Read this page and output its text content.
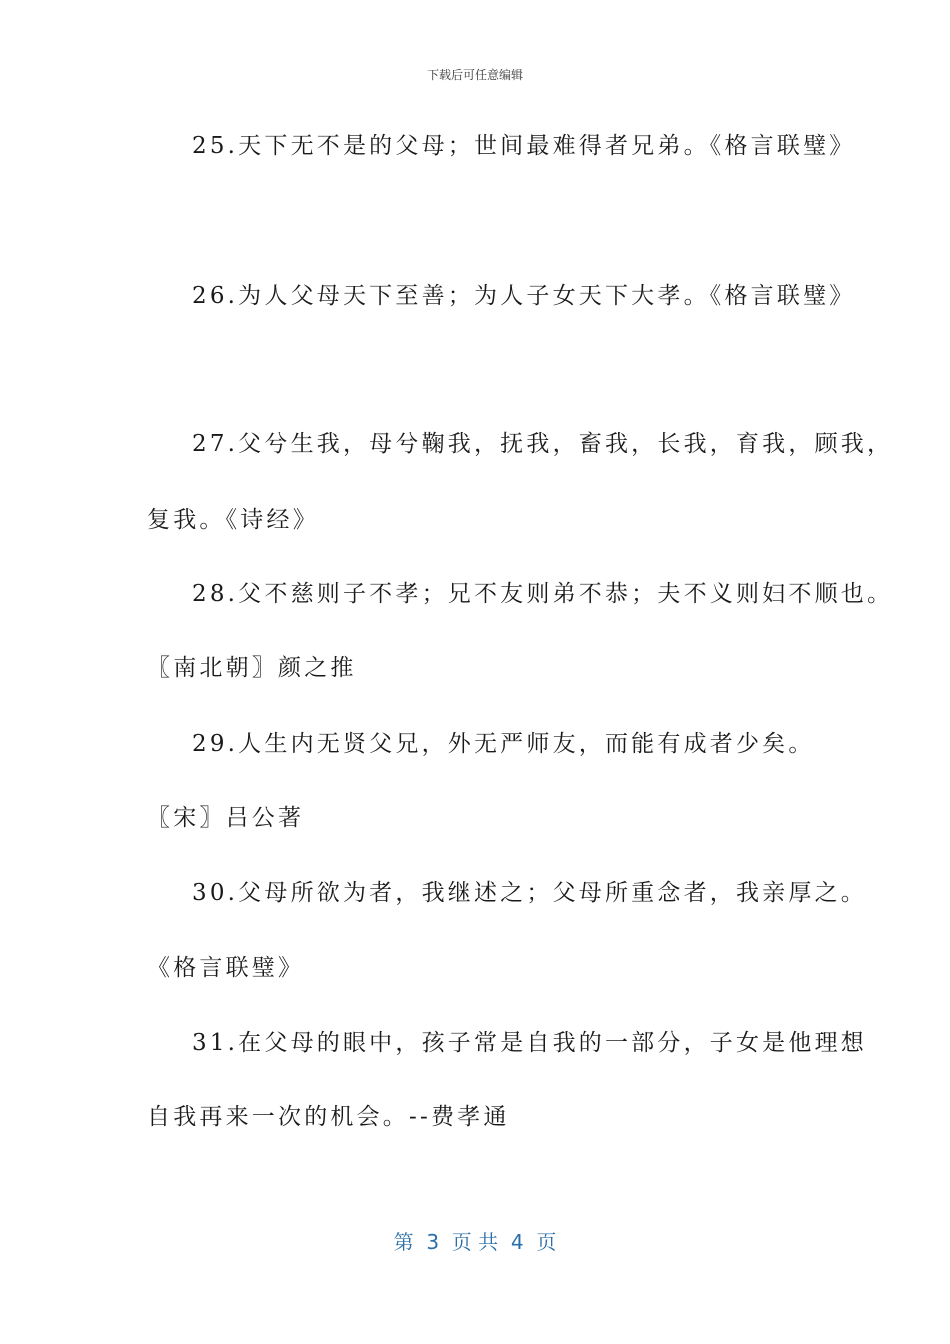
下载后可任意编辑
25.天下无不是的父母；世间最难得者兄弟。《格言联璧》
26.为人父母天下至善；为人子女天下大孝。《格言联璧》
27.父兮生我，母兮鞠我，抚我，畜我，长我，育我，顾我，
复我。《诗经》
28.父不慈则子不孝；兄不友则弟不恭；夫不义则妇不顺也。
〖南北朝〗颜之推
29.人生内无贤父兄，外无严师友，而能有成者少矣。
〖宋〗吕公著
30.父母所欲为者，我继述之；父母所重念者，我亲厚之。
《格言联璧》
31.在父母的眼中，孩子常是自我的一部分，子女是他理想
自我再来一次的机会。--费孝通
第  3  页 共  4  页
